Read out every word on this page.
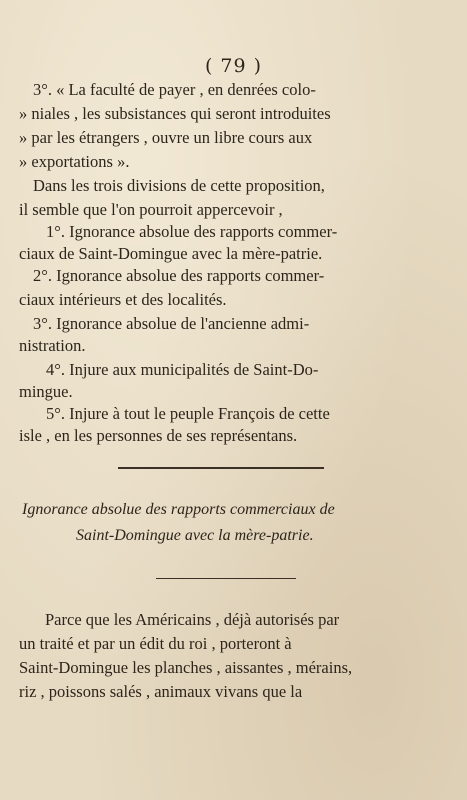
( 79 )
3°. « La faculté de payer , en denrées colo-
» niales , les subsistances qui seront introduites
» par les étrangers , ouvre un libre cours aux
» exportations ».
Dans les trois divisions de cette proposition,
il semble que l'on pourroit appercevoir ,
1°. Ignorance absolue des rapports commer-
ciaux de Saint-Domingue avec la mère-patrie.
2°. Ignorance absolue des rapports commer-
ciaux intérieurs et des localités.
3°. Ignorance absolue de l'ancienne admi-
nistration.
4°. Injure aux municipalités de Saint-Do-
mingue.
5°. Injure à tout le peuple François de cette
isle , en les personnes de ses représentans.
Ignorance absolue des rapports commerciaux de
Saint-Domingue avec la mère-patrie.
Parce que les Américains , déjà autorisés par
un traité et par un édit du roi , porteront à
Saint-Domingue les planches , aissantes , mérains,
riz , poissons salés , animaux vivans que la
